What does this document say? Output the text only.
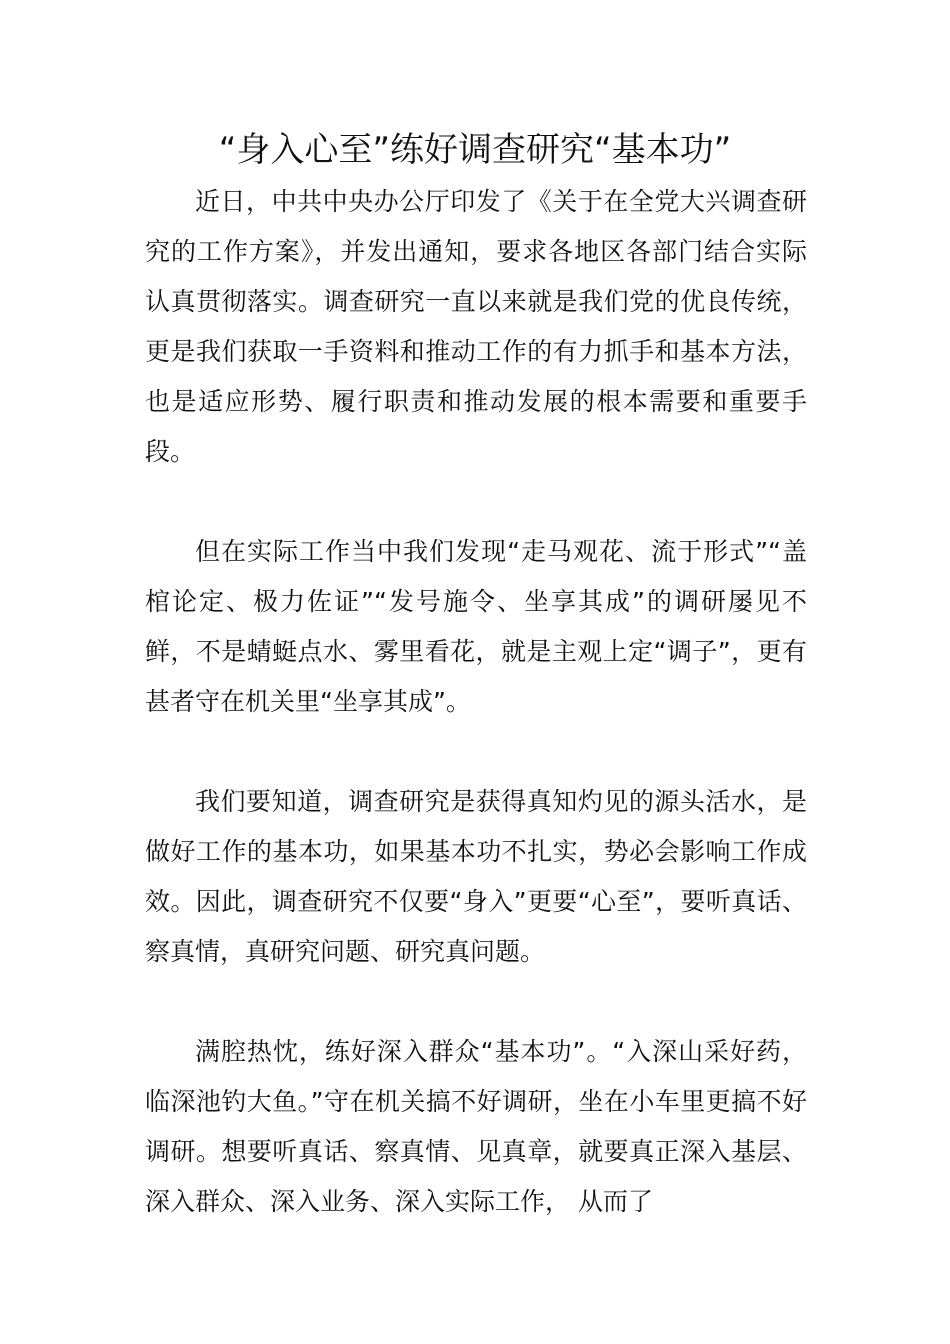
“身入心至”练好调查研究“基本功”

近日，中共中央办公厅印发了《关于在全党大兴调查研究的工作方案》，并发出通知，要求各地区各部门结合实际认真贯彻落实。调查研究一直以来就是我们党的优良传统，更是我们获取一手资料和推动工作的有力抓手和基本方法，也是适应形势、履行职责和推动发展的根本需要和重要手段。

但在实际工作当中我们发现“走马观花、流于形式”“盖棺论定、极力佐证”“发号施令、坐享其成”的调研屡见不鲜，不是蜻蜓点水、雾里看花，就是主观上定“调子”，更有甚者守在机关里“坐享其成”。

我们要知道，调查研究是获得真知灼见的源头活水，是做好工作的基本功，如果基本功不扎实，势必会影响工作成效。因此，调查研究不仅要“身入”更要“心至”，要听真话、察真情，真研究问题、研究真问题。

满腔热忱，练好深入群众“基本功”。“入深山采好药，临深池钓大鱼。”守在机关搞不好调研，坐在小车里更搞不好调研。想要听真话、察真情、见真章，就要真正深入基层、深入群众、深入业务、深入实际工作， 从而了
